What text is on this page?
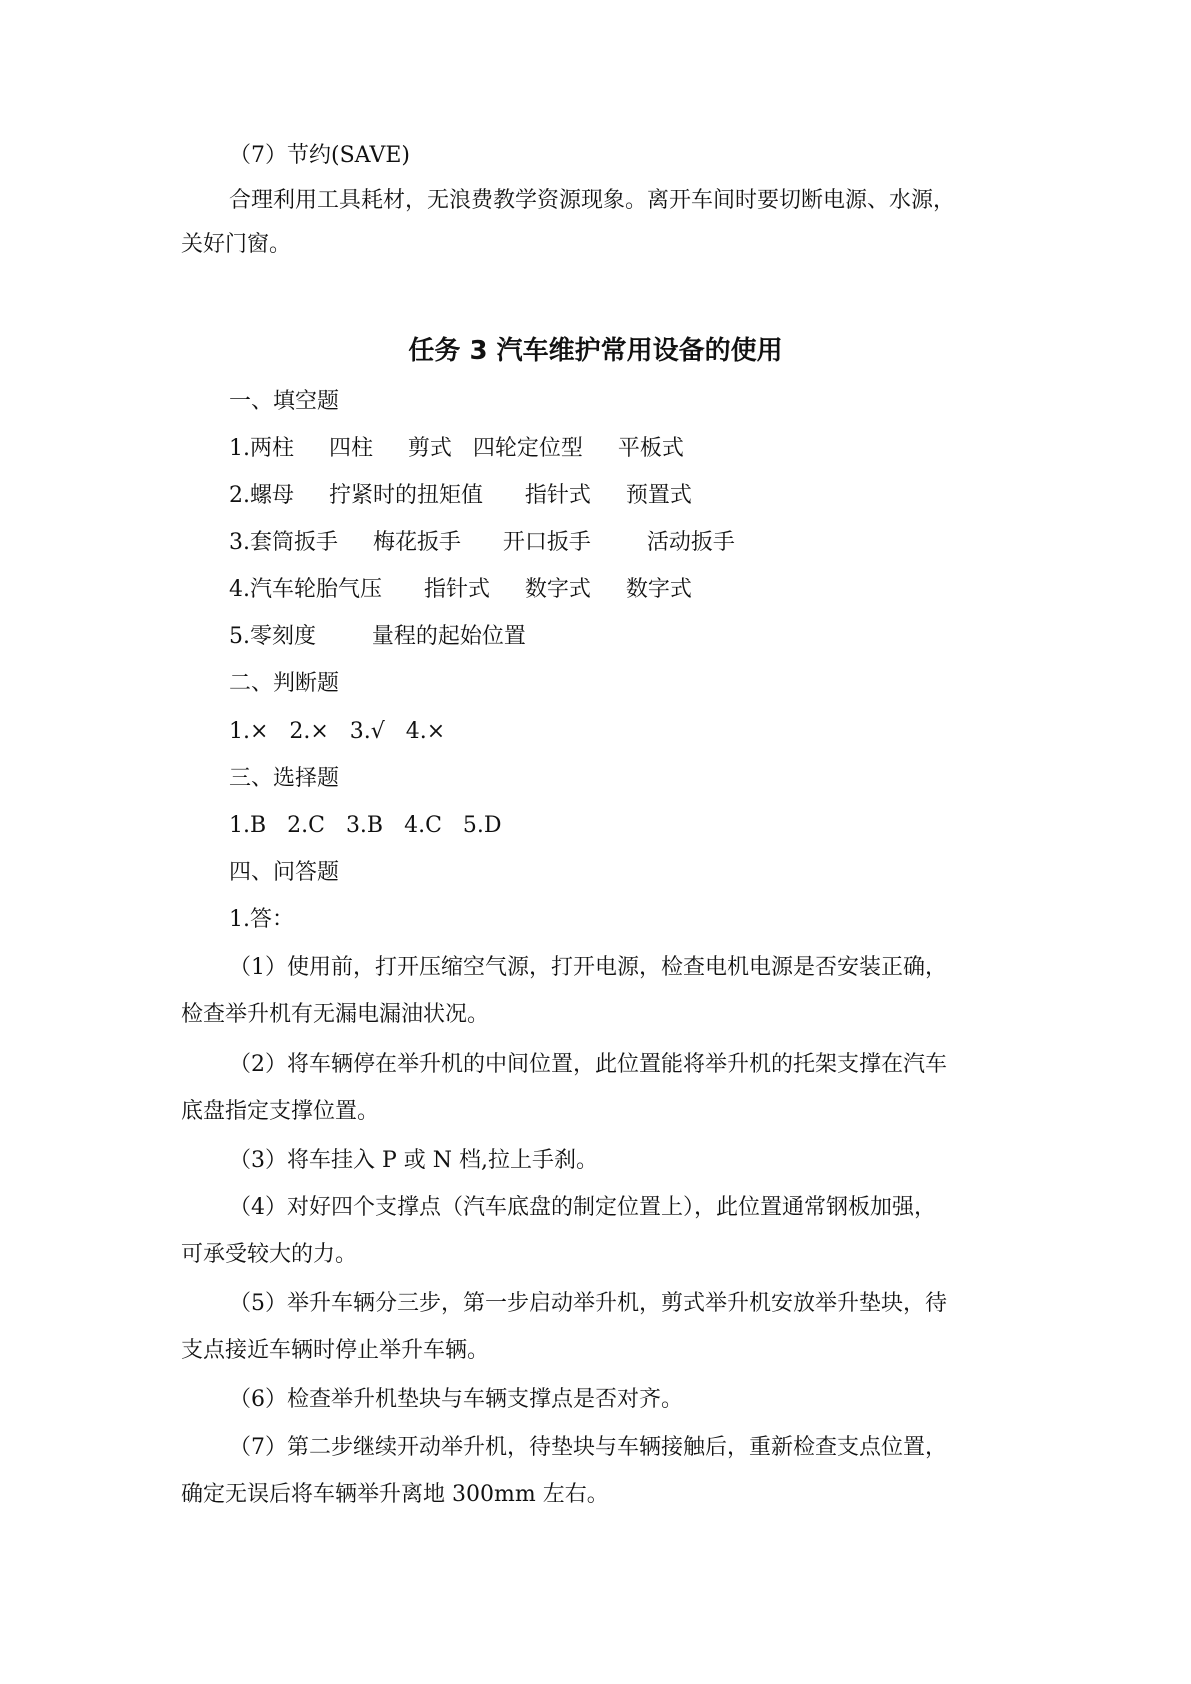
（7）节约(SAVE)
合理利用工具耗材，无浪费教学资源现象。离开车间时要切断电源、水源，
关好门窗。
任务 3 汽车维护常用设备的使用
一、填空题
1.两柱     四柱     剪式   四轮定位型     平板式
2.螺母     拧紧时的扭矩值      指针式     预置式
3.套筒扳手     梅花扳手      开口扳手        活动扳手
4.汽车轮胎气压      指针式     数字式     数字式
5.零刻度        量程的起始位置
二、判断题
1.×   2.×   3.√   4.×
三、选择题
1.B   2.C   3.B   4.C   5.D
四、问答题
1.答：
（1）使用前，打开压缩空气源，打开电源，检查电机电源是否安装正确，
检查举升机有无漏电漏油状况。
（2）将车辆停在举升机的中间位置，此位置能将举升机的托架支撑在汽车
底盘指定支撑位置。
（3）将车挂入 P 或 N 档,拉上手刹。
（4）对好四个支撑点（汽车底盘的制定位置上），此位置通常钢板加强，
可承受较大的力。
（5）举升车辆分三步，第一步启动举升机，剪式举升机安放举升垫块，待
支点接近车辆时停止举升车辆。
（6）检查举升机垫块与车辆支撑点是否对齐。
（7）第二步继续开动举升机，待垫块与车辆接触后，重新检查支点位置，
确定无误后将车辆举升离地 300mm 左右。
